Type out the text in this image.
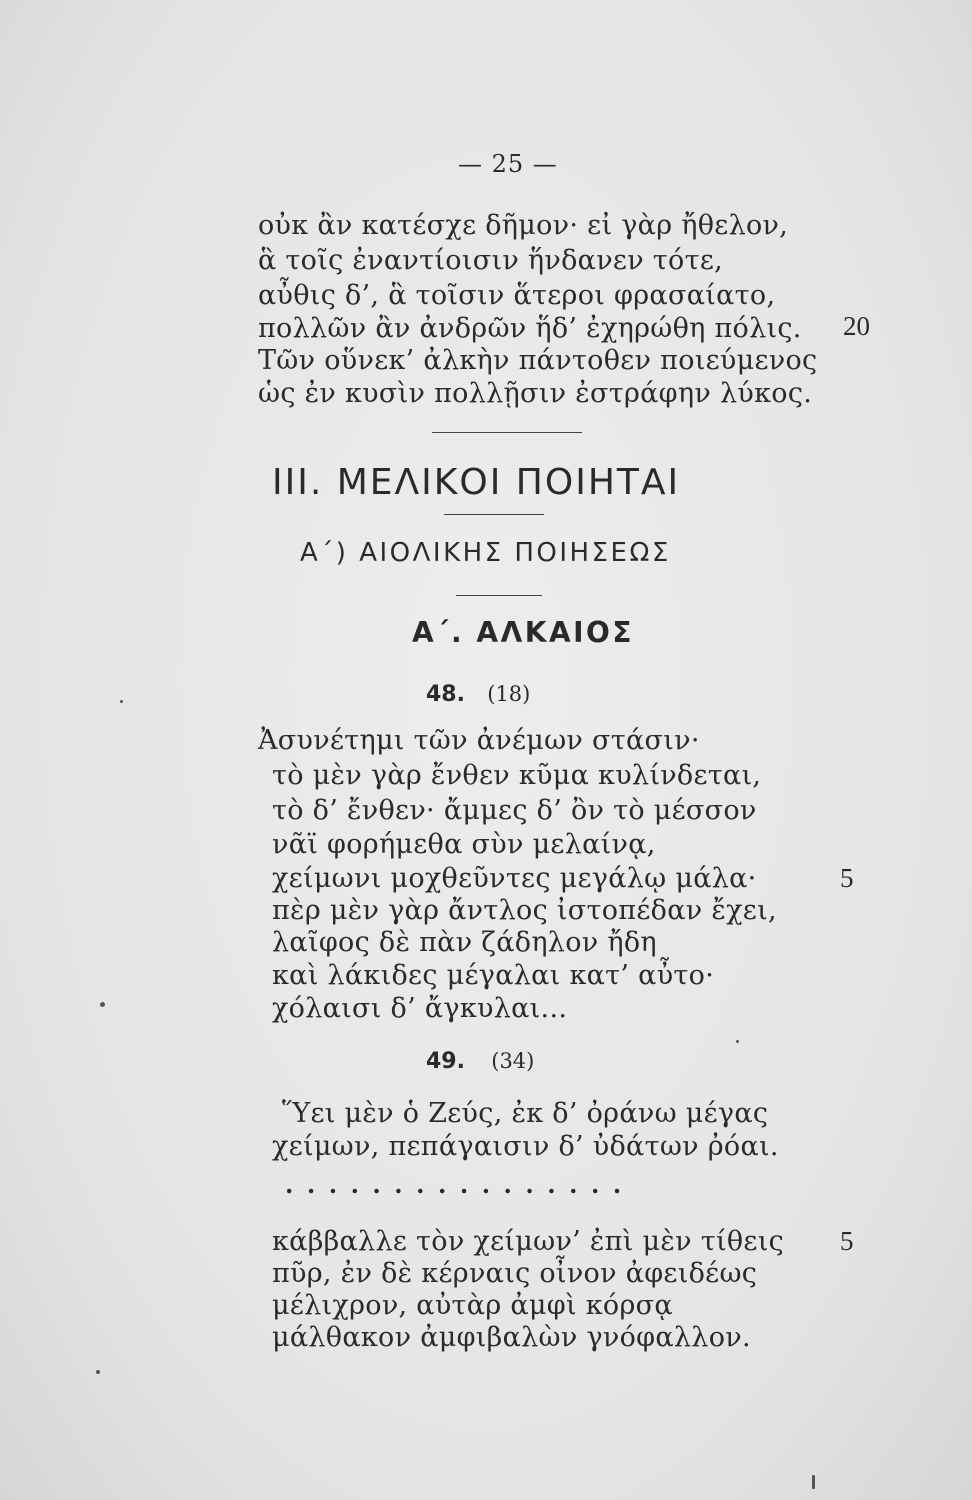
— 25 —
οὐκ ἂν κατέσχε δῆμον· εἰ γὰρ ἤθελον,
ἃ τοῖς ἐναντίοισιν ἥνδανεν τότε,
αὖθις δ’, ἃ τοῖσιν ἅτεροι φρασαίατο,
πολλῶν ἂν ἀνδρῶν ἥδ’ ἐχηρώθη πόλις.
Τῶν οὕνεκ’ ἀλκὴν πάντοθεν ποιεύμενος
ὡς ἐν κυσὶν πολλῇσιν ἐστράφην λύκος.
20
III. ΜΕΛΙΚΟΙ ΠΟΙΗΤΑΙ
Α΄) ΑΙΟΛΙΚΗΣ ΠΟΙΗΣΕΩΣ
Α΄. ΑΛΚΑΙΟΣ
48. (18)
Ἀσυνέτημι τῶν ἀνέμων στάσιν·
τὸ μὲν γὰρ ἔνθεν κῦμα κυλίνδεται,
τὸ δ’ ἔνθεν· ἄμμες δ’ ὂν τὸ μέσσον
νᾶϊ φορήμεθα σὺν μελαίνᾳ,
χείμωνι μοχθεῦντες μεγάλῳ μάλα·
πὲρ μὲν γὰρ ἄντλος ἰστοπέδαν ἔχει,
λαῖφος δὲ πὰν ζάδηλον ἤδη
καὶ λάκιδες μέγαλαι κατ’ αὖτο·
χόλαισι δ’ ἄγκυλαι...
5
49. (34)
Ὕει μὲν ὁ Ζεύς, ἐκ δ’ ὀράνω μέγας
χείμων, πεπάγαισιν δ’ ὐδάτων ῤόαι.
................
κάββαλλε τὸν χείμων’ ἐπὶ μὲν τίθεις
πῦρ, ἐν δὲ κέρναις οἶνον ἀφειδέως
μέλιχρον, αὐτὰρ ἀμφὶ κόρσᾳ
μάλθακον ἀμφιβαλὼν γνόφαλλον.
5
